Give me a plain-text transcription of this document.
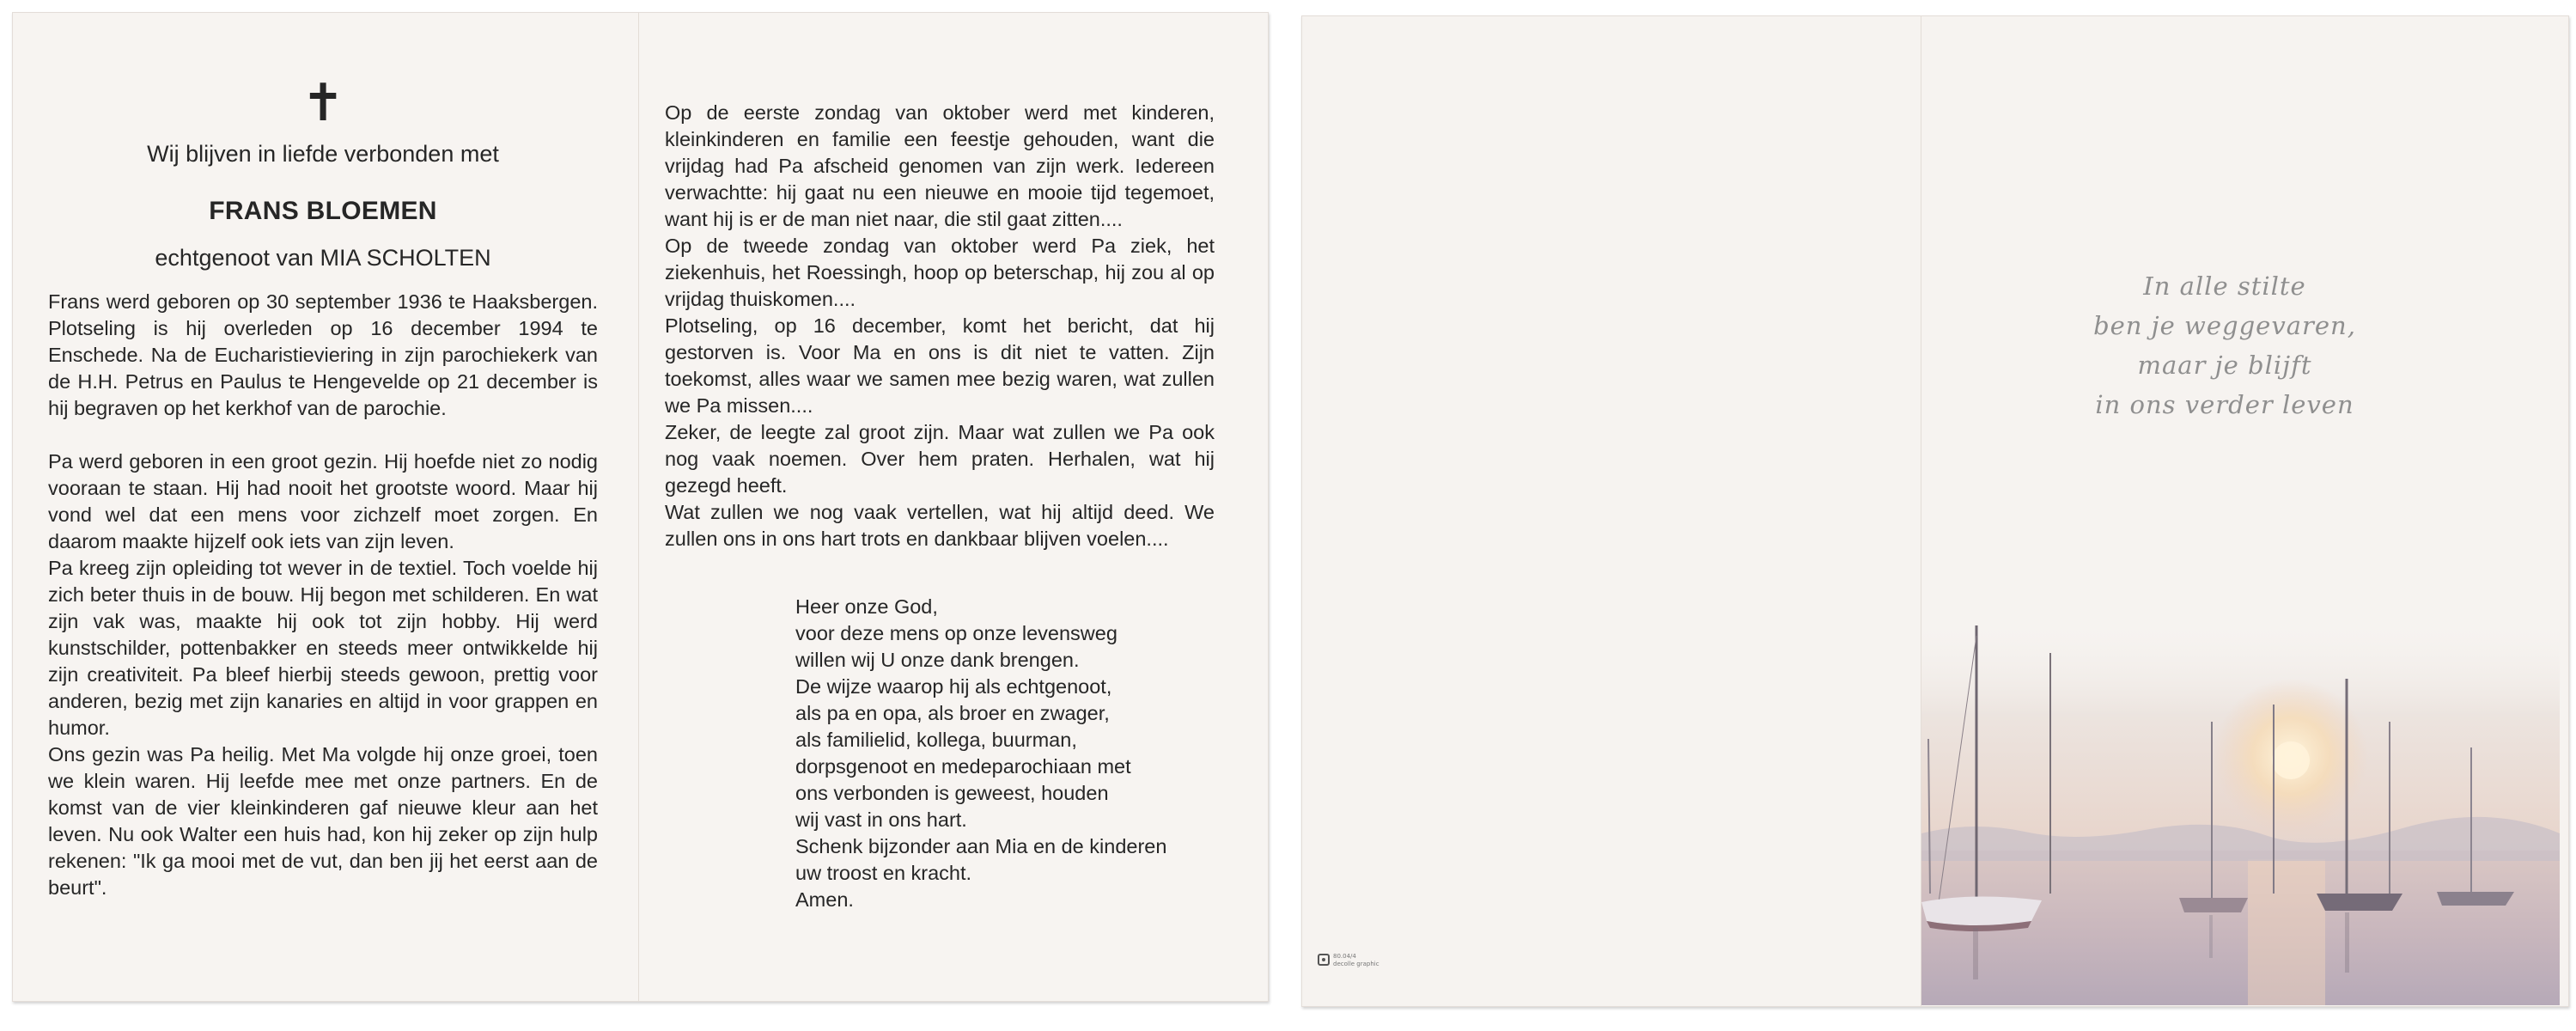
✝
Wij blijven in liefde verbonden met
FRANS BLOEMEN
echtgenoot van MIA SCHOLTEN

Frans werd geboren op 30 september 1936 te Haaksbergen. Plotseling is hij overleden op 16 december 1994 te Enschede. Na de Eucharistieviering in zijn parochiekerk van de H.H. Petrus en Paulus te Hengevelde op 21 december is hij begraven op het kerkhof van de parochie.

Pa werd geboren in een groot gezin. Hij hoefde niet zo nodig vooraan te staan. Hij had nooit het grootste woord. Maar hij vond wel dat een mens voor zichzelf moet zorgen. En daarom maakte hijzelf ook iets van zijn leven.

Pa kreeg zijn opleiding tot wever in de textiel. Toch voelde hij zich beter thuis in de bouw. Hij begon met schilderen. En wat zijn vak was, maakte hij ook tot zijn hobby. Hij werd kunstschilder, pottenbakker en steeds meer ontwikkelde hij zijn creativiteit. Pa bleef hierbij steeds gewoon, prettig voor anderen, bezig met zijn kanaries en altijd in voor grappen en humor.

Ons gezin was Pa heilig. Met Ma volgde hij onze groei, toen we klein waren. Hij leefde mee met onze partners. En de komst van de vier kleinkinderen gaf nieuwe kleur aan het leven. Nu ook Walter een huis had, kon hij zeker op zijn hulp rekenen: "Ik ga mooi met de vut, dan ben jij het eerst aan de beurt".

Op de eerste zondag van oktober werd met kinderen, kleinkinderen en familie een feestje gehouden, want die vrijdag had Pa afscheid genomen van zijn werk. Iedereen verwachtte: hij gaat nu een nieuwe en mooie tijd tegemoet, want hij is er de man niet naar, die stil gaat zitten....

Op de tweede zondag van oktober werd Pa ziek, het ziekenhuis, het Roessingh, hoop op beterschap, hij zou al op vrijdag thuiskomen....

Plotseling, op 16 december, komt het bericht, dat hij gestorven is. Voor Ma en ons is dit niet te vatten. Zijn toekomst, alles waar we samen mee bezig waren, wat zullen we Pa missen....

Zeker, de leegte zal groot zijn. Maar wat zullen we Pa ook nog vaak noemen. Over hem praten. Herhalen, wat hij gezegd heeft.

Wat zullen we nog vaak vertellen, wat hij altijd deed. We zullen ons in ons hart trots en dankbaar blijven voelen....

Heer onze God,
voor deze mens op onze levensweg
willen wij U onze dank brengen.
De wijze waarop hij als echtgenoot,
als pa en opa, als broer en zwager,
als familielid, kollega, buurman,
dorpsgenoot en medeparochiaan met
ons verbonden is geweest, houden
wij vast in ons hart.
Schenk bijzonder aan Mia en de kinderen
uw troost en kracht.
Amen.
In alle stilte
ben je weggevaren,
maar je blijft
in ons verder leven
80.04/4
decolle graphic
